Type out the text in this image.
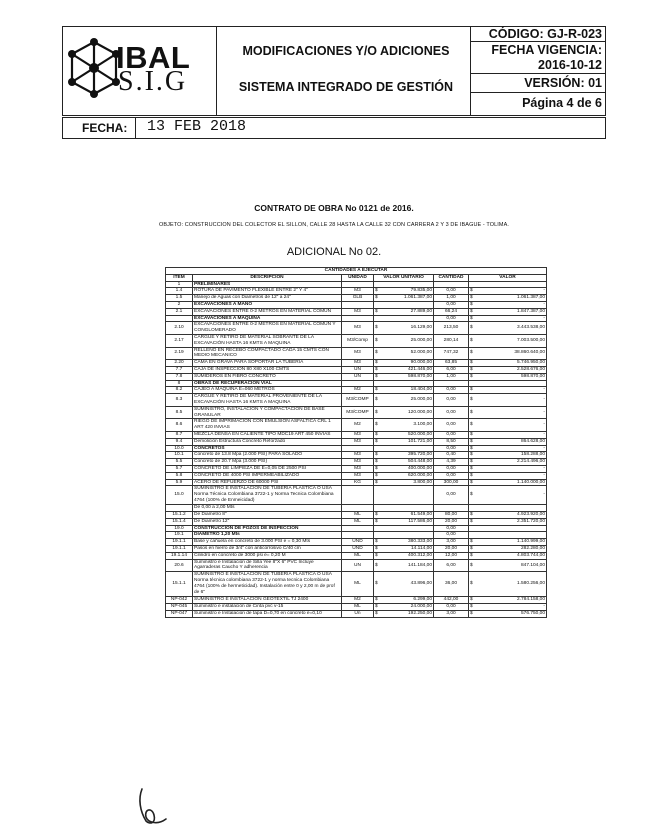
IBAL
S.I.G
MODIFICACIONES Y/O ADICIONES
SISTEMA INTEGRADO DE GESTIÓN
CÓDIGO: GJ-R-023
FECHA VIGENCIA:
2016-10-12
VERSIÓN: 01
Página 4 de 6
FECHA: 13 FEB 2018
CONTRATO DE OBRA No 0121 de 2016.
OBJETO: CONSTRUCCION DEL COLECTOR EL SILLON, CALLE 28 HASTA LA CALLE 32 CON CARRERA 2 Y 3 DE IBAGUE - TOLIMA.
ADICIONAL No 02.
CANTIDADES A EJECUTAR					
ITEM	DESCRIPCION	UNIDAD	VALOR UNITARIO	CANTIDAD	VALOR
1	PRELIMINARES				
1.4	ROTURA DE PAVIMENTO FLEXIBLE ENTRE 2" Y 4"	M3	$ 79.835,00	0,00	$ -
1.5	Manejo de Aguas con Diametros de 12" a 24"	GLB	$ 1.061.387,00	1,00	$ 1.061.387,00
2	EXCAVACIONES A MANO			0,00	$ -
2.1	EXCAVACIONES ENTRE 0-2 METROS EN MATERIAL COMUN	M3	$ 27.889,00	66,24	$ 1.847.387,00
	EXCAVACIONES A MAQUINA			0,00	$ -
2.10	EXCAVACIONES ENTRE 0-2 METROS EN MATERIAL COMUN Y CONGLOMERADO	M3	$ 16.129,00	213,50	$ 3.443.538,00
2.17	CARGUE Y RETIRO DE MATERIAL SOBRANTE DE LA EXCAVACIÓN HASTA 16 KMTS A MAQUINA	M3/Comp	$ 25.000,00	280,14	$ 7.003.500,00
2.19	RELLENO EN RECEBO COMPACTADO CADA 15 CMTS CON MEDIO MECANICO	M3	$ 52.000,00	747,32	$ 38.860.640,00
2.20	CAMA EN GRAVA PARA SOPORTAR LA TUBERIA	M3	$ 90.000,00	63,85	$ 5.746.950,00
7.7	CAJA DE INSPECCIÓN 80 X80 X100 CMTS	UN	$ 421.446,00	6,00	$ 2.528.676,00
7.8	SUMIDEROS EN FIBRO CONCRETO	UN	$ 598.870,00	1,00	$ 598.870,00
8	OBRAS DE RECUPERACIÓN VIAL				
8.2	CAJEO A MAQUINA E=060 METROS	M2	$ 18.404,00	0,00	$ -
8.3	CARGUE Y RETIRO DE MATERIAL PROVENIENTE DE LA EXCAVACIÓN HASTA 16 KMTS A MAQUINA	M3/COMP	$ 25.000,00	0,00	$ -
8.5	SUMINISTRO, INSTALACIÓN Y COMPACTACIÓN DE BASE GRANULAR	M3/COMP	$ 120.000,00	0,00	$ -
8.6	RIEGO DE IMPRIMACION CON EMULSION ASFALTICA CRL 1 ART 420 INVIAS	M2	$ 3.100,00	0,00	$ -
8.7	MEZCLA DENSA EN CALIENTE TIPO MDC19 ART 450 INVIAS	M3	$ 520.000,00	0,00	$ -
9.4	Demolición Estructura Concreto Reforzado	M3	$ 101.721,00	8,50	$ 864.628,00
10.0	CONCRETOS			0,00	$ -
10.1	Concreto de 13.8 Mpa (2.000 PSI) PARA SOLADO	M3	$ 395.720,00	0,40	$ 158.288,00
5.5	Concreto de 20.7 Mpa (3.000 PSI)	M3	$ 504.448,00	4,39	$ 2.214.496,00
5.7	CONCRETO DE LIMPIEZA DE E=0,05 DE 2500 PSI	M3	$ 400.000,00	0,00	$ -
5.8	CONCRETO DE 4000 PSI IMPERMEABILIZADO	M3	$ 620.000,00	0,00	$ -
5.9	ACERO DE REFUERZO DE 60000 PSI	KG	$ 3.800,00	300,00	$ 1.140.000,00
15.0	SUMINISTRO E INSTALACION DE TUBERIA PLASTICA O USA Norma Técnica Colombiana 3722-1 y Norma Tecnica Colombiana 4764 (100% de Enmeicidad)			0,00	$ -
	De 0,00 a 2,00 Mts				
15.1.2	De Diametro 8"	ML	$ 61.549,00	80,00	$ 4.923.920,00
15.1.4	De Diametro 12"	ML	$ 117.586,00	20,00	$ 2.351.720,00
19.0	CONSTRUCCION DE POZOS DE INSPECCION			0,00	
19.1	DIAMETRO 1,20 Mts			0,00	
19.1.1	Base y cañuela en concreto de 3.000 PSI e = 0,30 Mts	UND	$ 380.333,00	3,00	$ 1.140.999,00
19.1.1	Pasos en hierro de 3/4" con anticorrosivo C/40 cm	UND	$ 14.114,00	20,00	$ 282.280,00
19.1.14	Cilindro en concreto de 3000 psi e= 0,20 M	ML	$ 400.312,00	12,00	$ 4.803.744,00
20.6	Suministro e Instalacion de Silla Yee 8"X 6" PVC Incluye Agarraderas Caucho Y adherencia	UN	$ 141.184,00	6,00	$ 847.104,00
15.1.1	SUMINISTRO E INSTALACION DE TUBERIA PLASTICA O USA Norma técnica colombiana 3722-1 y norma tecnica Colombiana 4764 (100% de hermeticidad). Instalación entre 0 y 2,00 m de prof de 6"	ML	$ 43.896,00	36,00	$ 1.580.256,00
NP-042	SUMINISTRO E INSTALACION GEOTEXTIL TJ 2400	M2	$ 6.299,00	442,00	$ 2.784.158,00
NP-045	Suministro e instalación de Cinta pvc v-15	ML	$ 24.000,00	0,00	$ -
NP-047	Suministro e Instalacion de tapa D=0,70 en concreto e=0,10	Un	$ 192.250,00	3,00	$ 576.750,00
